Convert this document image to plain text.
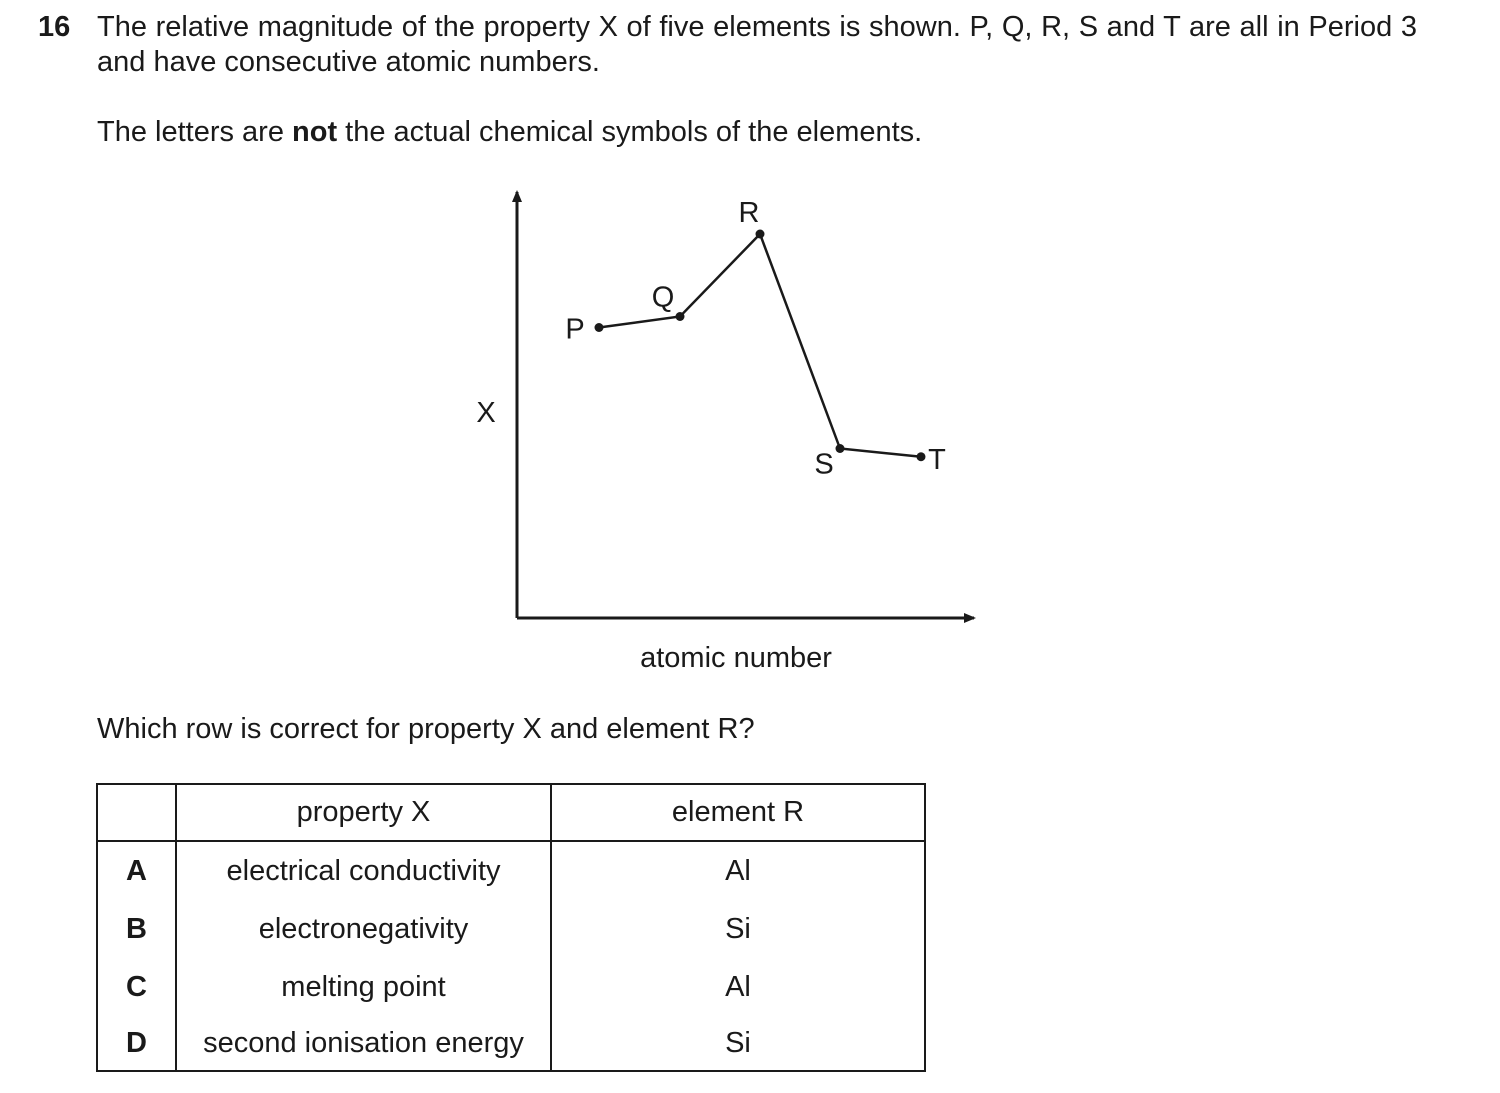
16 The relative magnitude of the property X of five elements is shown. P, Q, R, S and T are all in Period 3 and have consecutive atomic numbers.
The letters are not the actual chemical symbols of the elements.
X
atomic number
P
Q
R
S	T
Which row is correct for property X and element R?
	property X	element R
A	electrical conductivity	Al
B	electronegativity	Si
C	melting point	Al
D	second ionisation energy	Si
